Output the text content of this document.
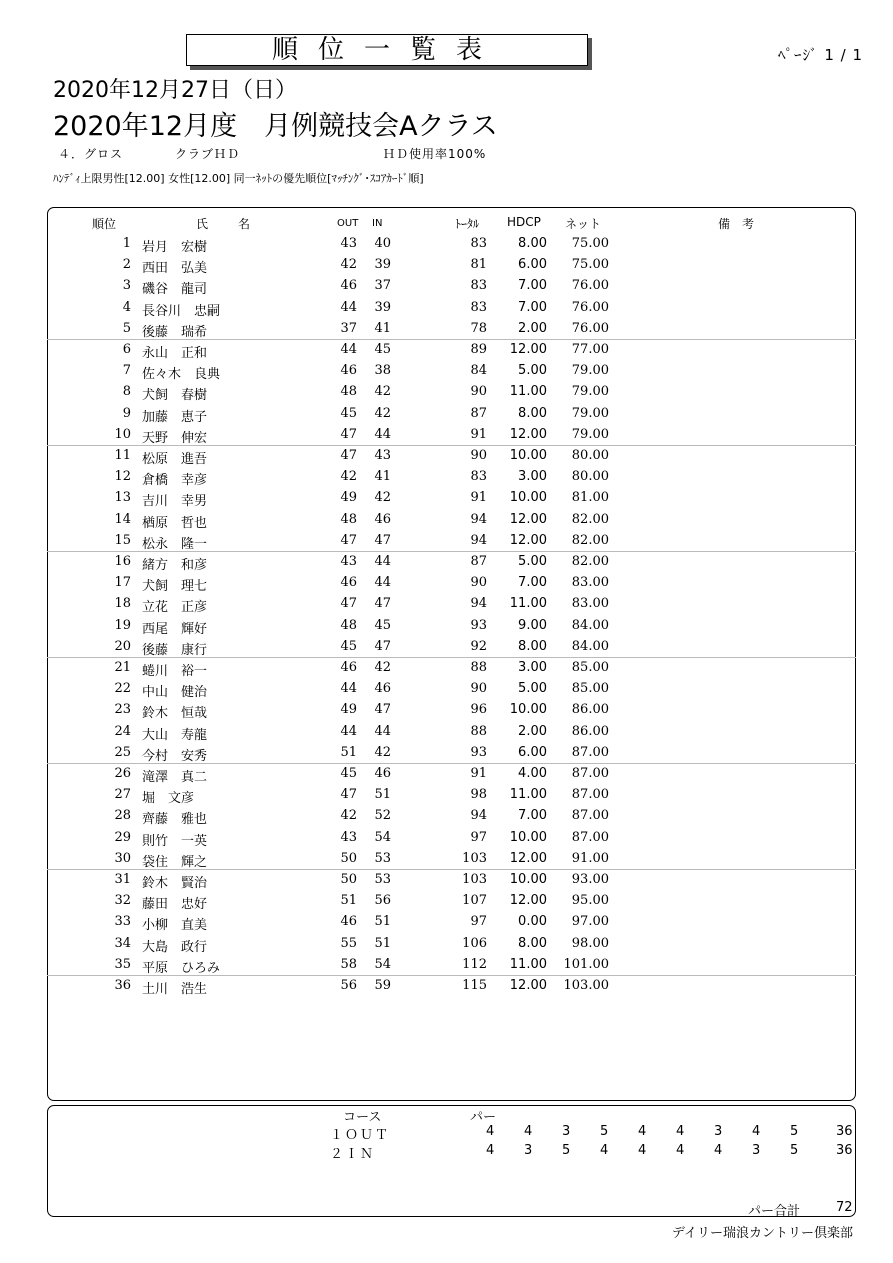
順位一覧表	ﾍﾟｰｼﾞ 1 / 1
2020年12月27日（日）
2020年12月度　月例競技会Aクラス
４．グロス　　　　クラブＨＤ　　　　　　　　　　　ＨＤ使用率100%
ﾊﾝﾃﾞｨ上限男性[12.00] 女性[12.00] 同一ﾈｯﾄの優先順位[ﾏｯﾁﾝｸﾞ･ｽｺｱｶｰﾄﾞ順]
順位	氏　　名	OUT IN	ﾄｰﾀﾙ HDCP ネット	備　考
1 岩月　宏樹	43	40	83	8.00	75.00
2 西田　弘美	42	39	81	6.00	75.00
3 磯谷　龍司	46	37	83	7.00	76.00
4 長谷川　忠嗣	44	39	83	7.00	76.00
5 後藤　瑞希	37	41	78	2.00	76.00
6 永山　正和	44	45	89	12.00	77.00
7 佐々木　良典	46	38	84	5.00	79.00
8 犬飼　春樹	48	42	90	11.00	79.00
9 加藤　恵子	45	42	87	8.00	79.00
10 天野　伸宏	47	44	91	12.00	79.00
11 松原　進吾	47	43	90	10.00	80.00
12 倉橋　幸彦	42	41	83	3.00	80.00
13 吉川　幸男	49	42	91	10.00	81.00
14 楢原　哲也	48	46	94	12.00	82.00
15 松永　隆一	47	47	94	12.00	82.00
16 緒方　和彦	43	44	87	5.00	82.00
17 犬飼　理七	46	44	90	7.00	83.00
18 立花　正彦	47	47	94	11.00	83.00
19 西尾　輝好	48	45	93	9.00	84.00
20 後藤　康行	45	47	92	8.00	84.00
21 蜷川　裕一	46	42	88	3.00	85.00
22 中山　健治	44	46	90	5.00	85.00
23 鈴木　恒哉	49	47	96	10.00	86.00
24 大山　寿龍	44	44	88	2.00	86.00
25 今村　安秀	51	42	93	6.00	87.00
26 滝澤　真二	45	46	91	4.00	87.00
27 堀　文彦	47	51	98	11.00	87.00
28 齊藤　雅也	42	52	94	7.00	87.00
29 則竹　一英	43	54	97	10.00	87.00
30 袋住　輝之	50	53	103	12.00	91.00
31 鈴木　賢治	50	53	103	10.00	93.00
32 藤田　忠好	51	56	107	12.00	95.00
33 小柳　直美	46	51	97	0.00	97.00
34 大島　政行	55	51	106	8.00	98.00
35 平原　ひろみ	58	54	112	11.00	101.00
36 土川　浩生	56	59	115	12.00	103.00
コース	パー
１ＯＵＴ	4 4 3 5 4 4 3 4 5	36
２ＩＮ	4 3 5 4 4 4 4 3 5	36
パー合計	72
デイリー瑞浪カントリー倶楽部
